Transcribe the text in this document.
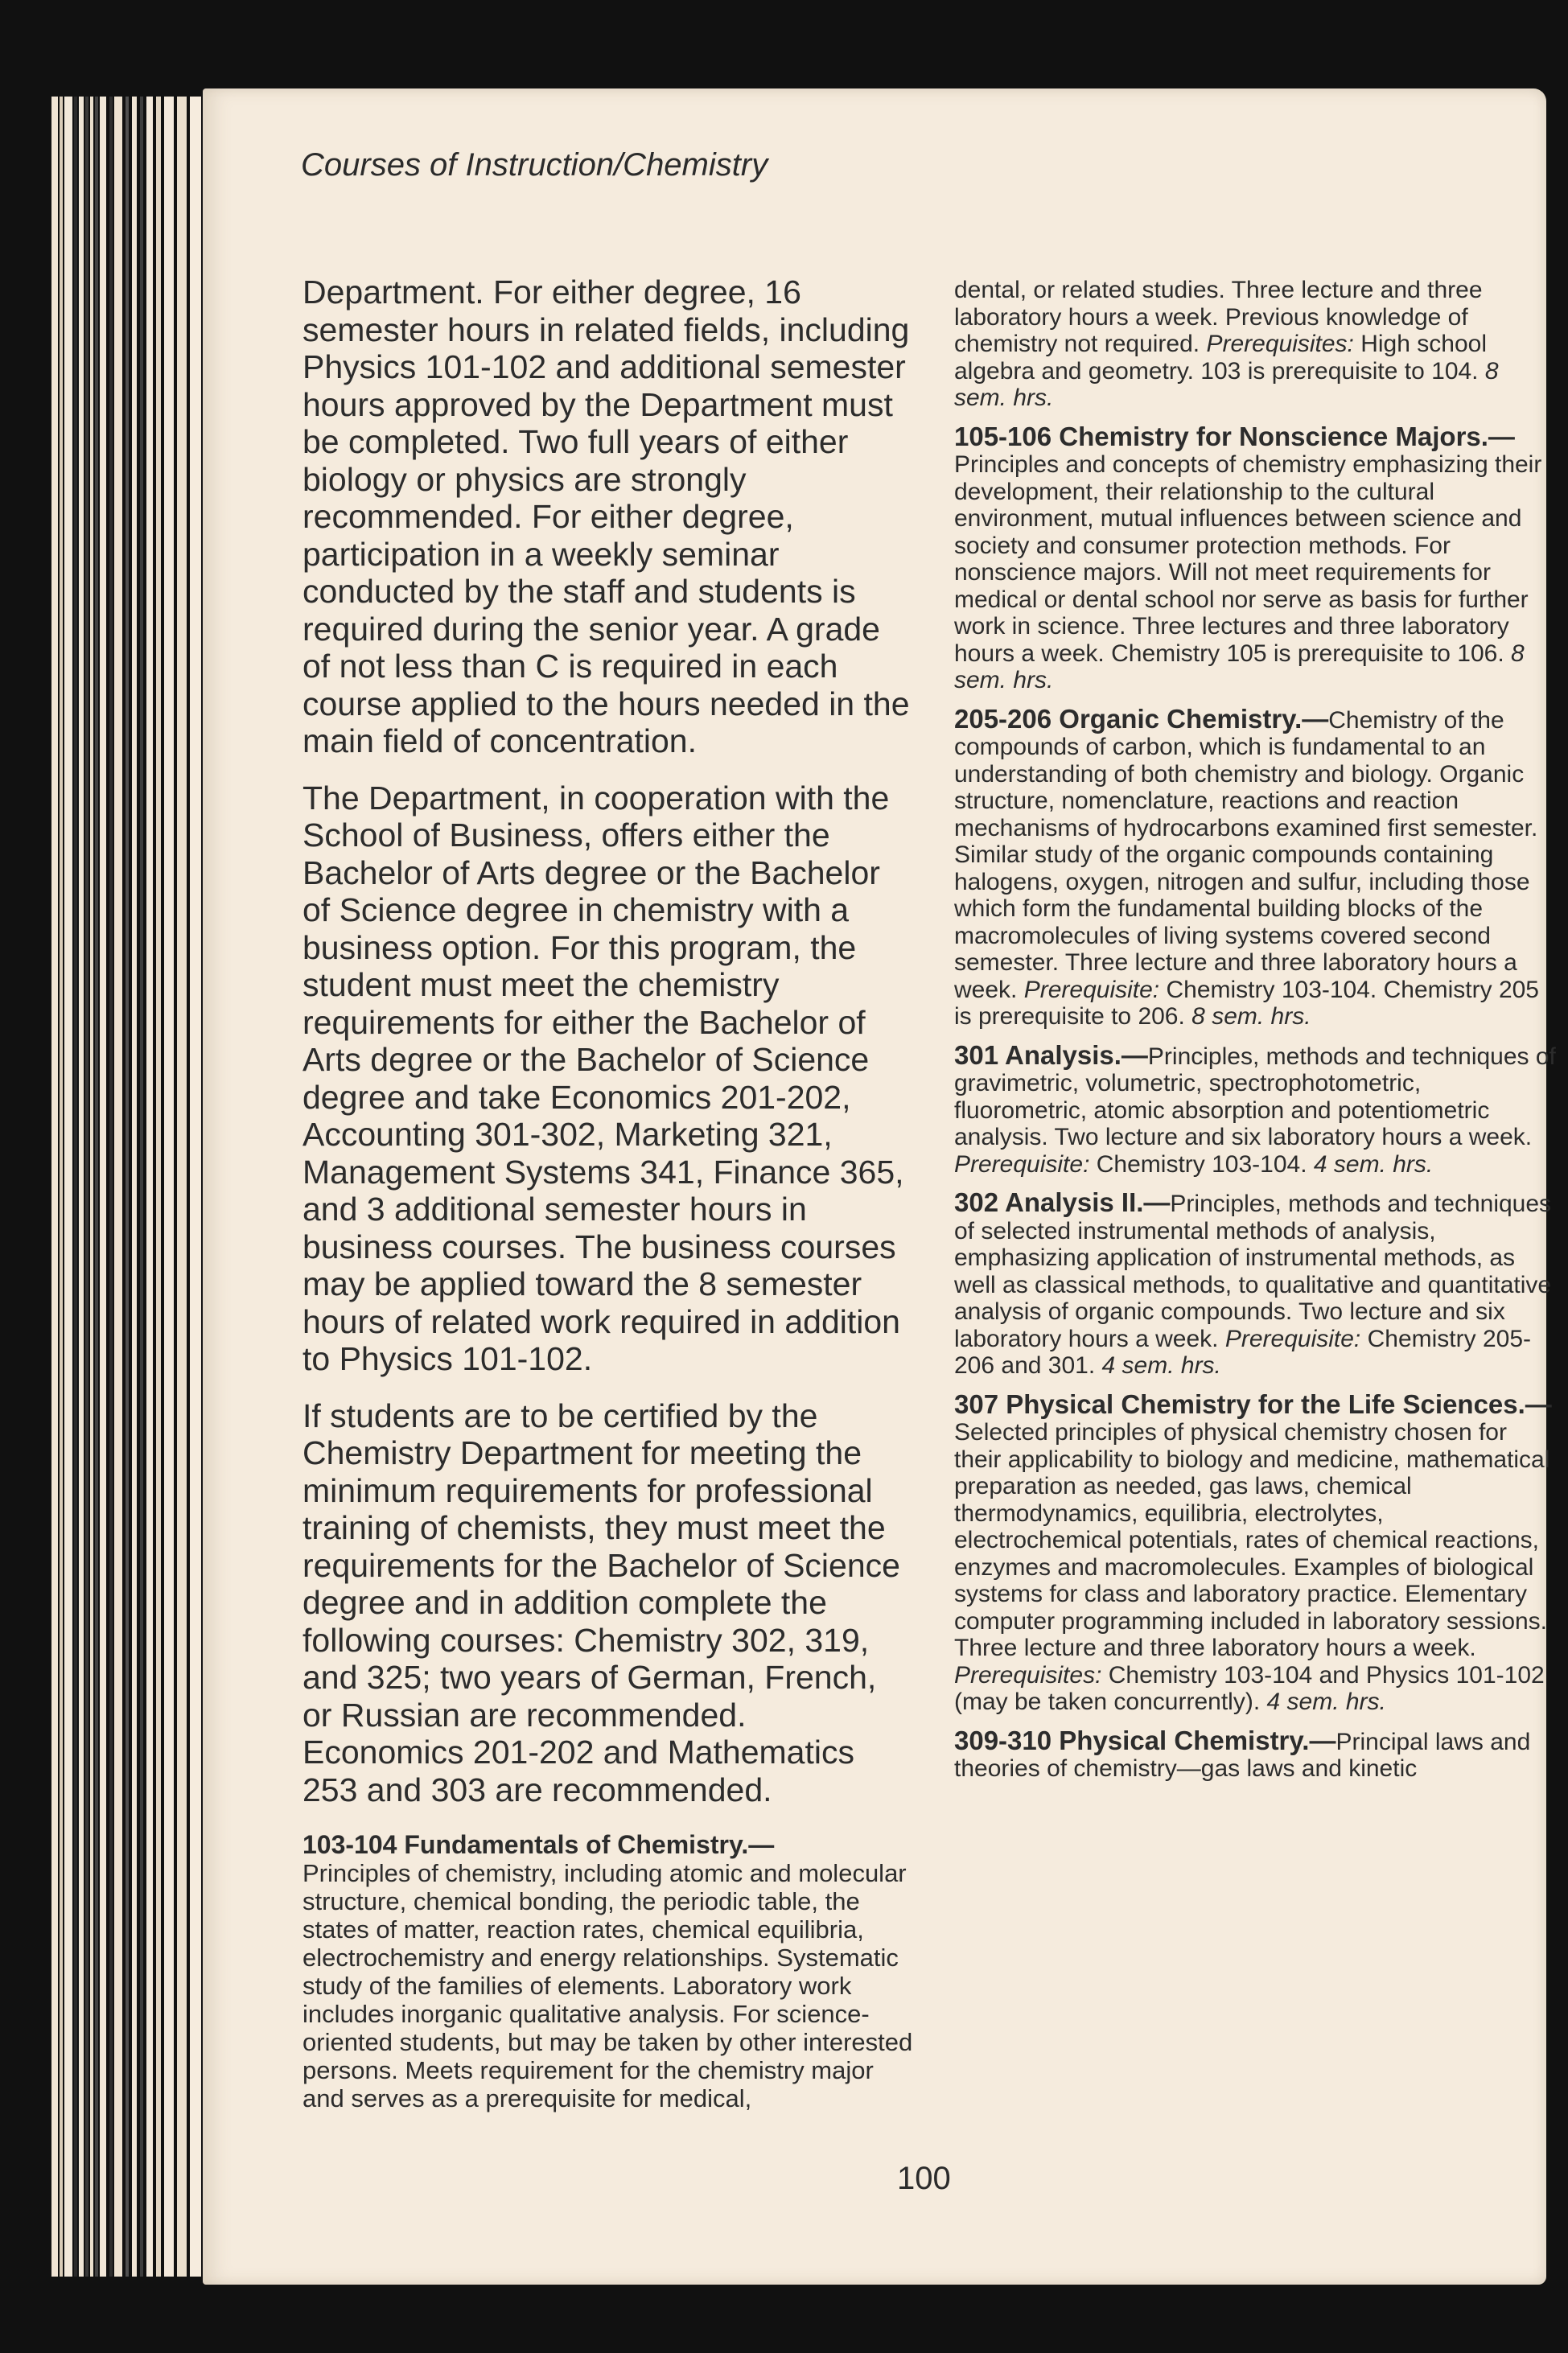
Courses of Instruction/Chemistry

Department. For either degree, 16 semester hours in related fields, including Physics 101-102 and additional semester hours approved by the Department must be completed. Two full years of either biology or physics are strongly recommended. For either degree, participation in a weekly seminar conducted by the staff and students is required during the senior year. A grade of not less than C is required in each course applied to the hours needed in the main field of concentration.

The Department, in cooperation with the School of Business, offers either the Bachelor of Arts degree or the Bachelor of Science degree in chemistry with a business option. For this program, the student must meet the chemistry requirements for either the Bachelor of Arts degree or the Bachelor of Science degree and take Economics 201-202, Accounting 301-302, Marketing 321, Management Systems 341, Finance 365, and 3 additional semester hours in business courses. The business courses may be applied toward the 8 semester hours of related work required in addition to Physics 101-102.

If students are to be certified by the Chemistry Department for meeting the minimum requirements for professional training of chemists, they must meet the requirements for the Bachelor of Science degree and in addition complete the following courses: Chemistry 302, 319, and 325; two years of German, French, or Russian are recommended. Economics 201-202 and Mathematics 253 and 303 are recommended.

103-104 Fundamentals of Chemistry.—
Principles of chemistry, including atomic and molecular structure, chemical bonding, the periodic table, the states of matter, reaction rates, chemical equilibria, electrochemistry and energy relationships. Systematic study of the families of elements. Laboratory work includes inorganic qualitative analysis. For science-oriented students, but may be taken by other interested persons. Meets requirement for the chemistry major and serves as a prerequisite for medical,
dental, or related studies. Three lecture and three laboratory hours a week. Previous knowledge of chemistry not required. Prerequisites: High school algebra and geometry. 103 is prerequisite to 104. 8 sem. hrs.
105-106 Chemistry for Nonscience Majors.— Principles and concepts of chemistry emphasizing their development, their relationship to the cultural environment, mutual influences between science and society and consumer protection methods. For nonscience majors. Will not meet requirements for medical or dental school nor serve as basis for further work in science. Three lectures and three laboratory hours a week. Chemistry 105 is prerequisite to 106. 8 sem. hrs.
205-206 Organic Chemistry.—Chemistry of the compounds of carbon, which is fundamental to an understanding of both chemistry and biology. Organic structure, nomenclature, reactions and reaction mechanisms of hydrocarbons examined first semester. Similar study of the organic compounds containing halogens, oxygen, nitrogen and sulfur, including those which form the fundamental building blocks of the macromolecules of living systems covered second semester. Three lecture and three laboratory hours a week. Prerequisite: Chemistry 103-104. Chemistry 205 is prerequisite to 206. 8 sem. hrs.
301 Analysis.—Principles, methods and techniques of gravimetric, volumetric, spectrophotometric, fluorometric, atomic absorption and potentiometric analysis. Two lecture and six laboratory hours a week. Prerequisite: Chemistry 103-104. 4 sem. hrs.
302 Analysis II.—Principles, methods and techniques of selected instrumental methods of analysis, emphasizing application of instrumental methods, as well as classical methods, to qualitative and quantitative analysis of organic compounds. Two lecture and six laboratory hours a week. Prerequisite: Chemistry 205-206 and 301. 4 sem. hrs.
307 Physical Chemistry for the Life Sciences.—Selected principles of physical chemistry chosen for their applicability to biology and medicine, mathematical preparation as needed, gas laws, chemical thermodynamics, equilibria, electrolytes, electrochemical potentials, rates of chemical reactions, enzymes and macromolecules. Examples of biological systems for class and laboratory practice. Elementary computer programming included in laboratory sessions. Three lecture and three laboratory hours a week. Prerequisites: Chemistry 103-104 and Physics 101-102 (may be taken concurrently). 4 sem. hrs.
309-310 Physical Chemistry.—Principal laws and theories of chemistry—gas laws and kinetic
100
